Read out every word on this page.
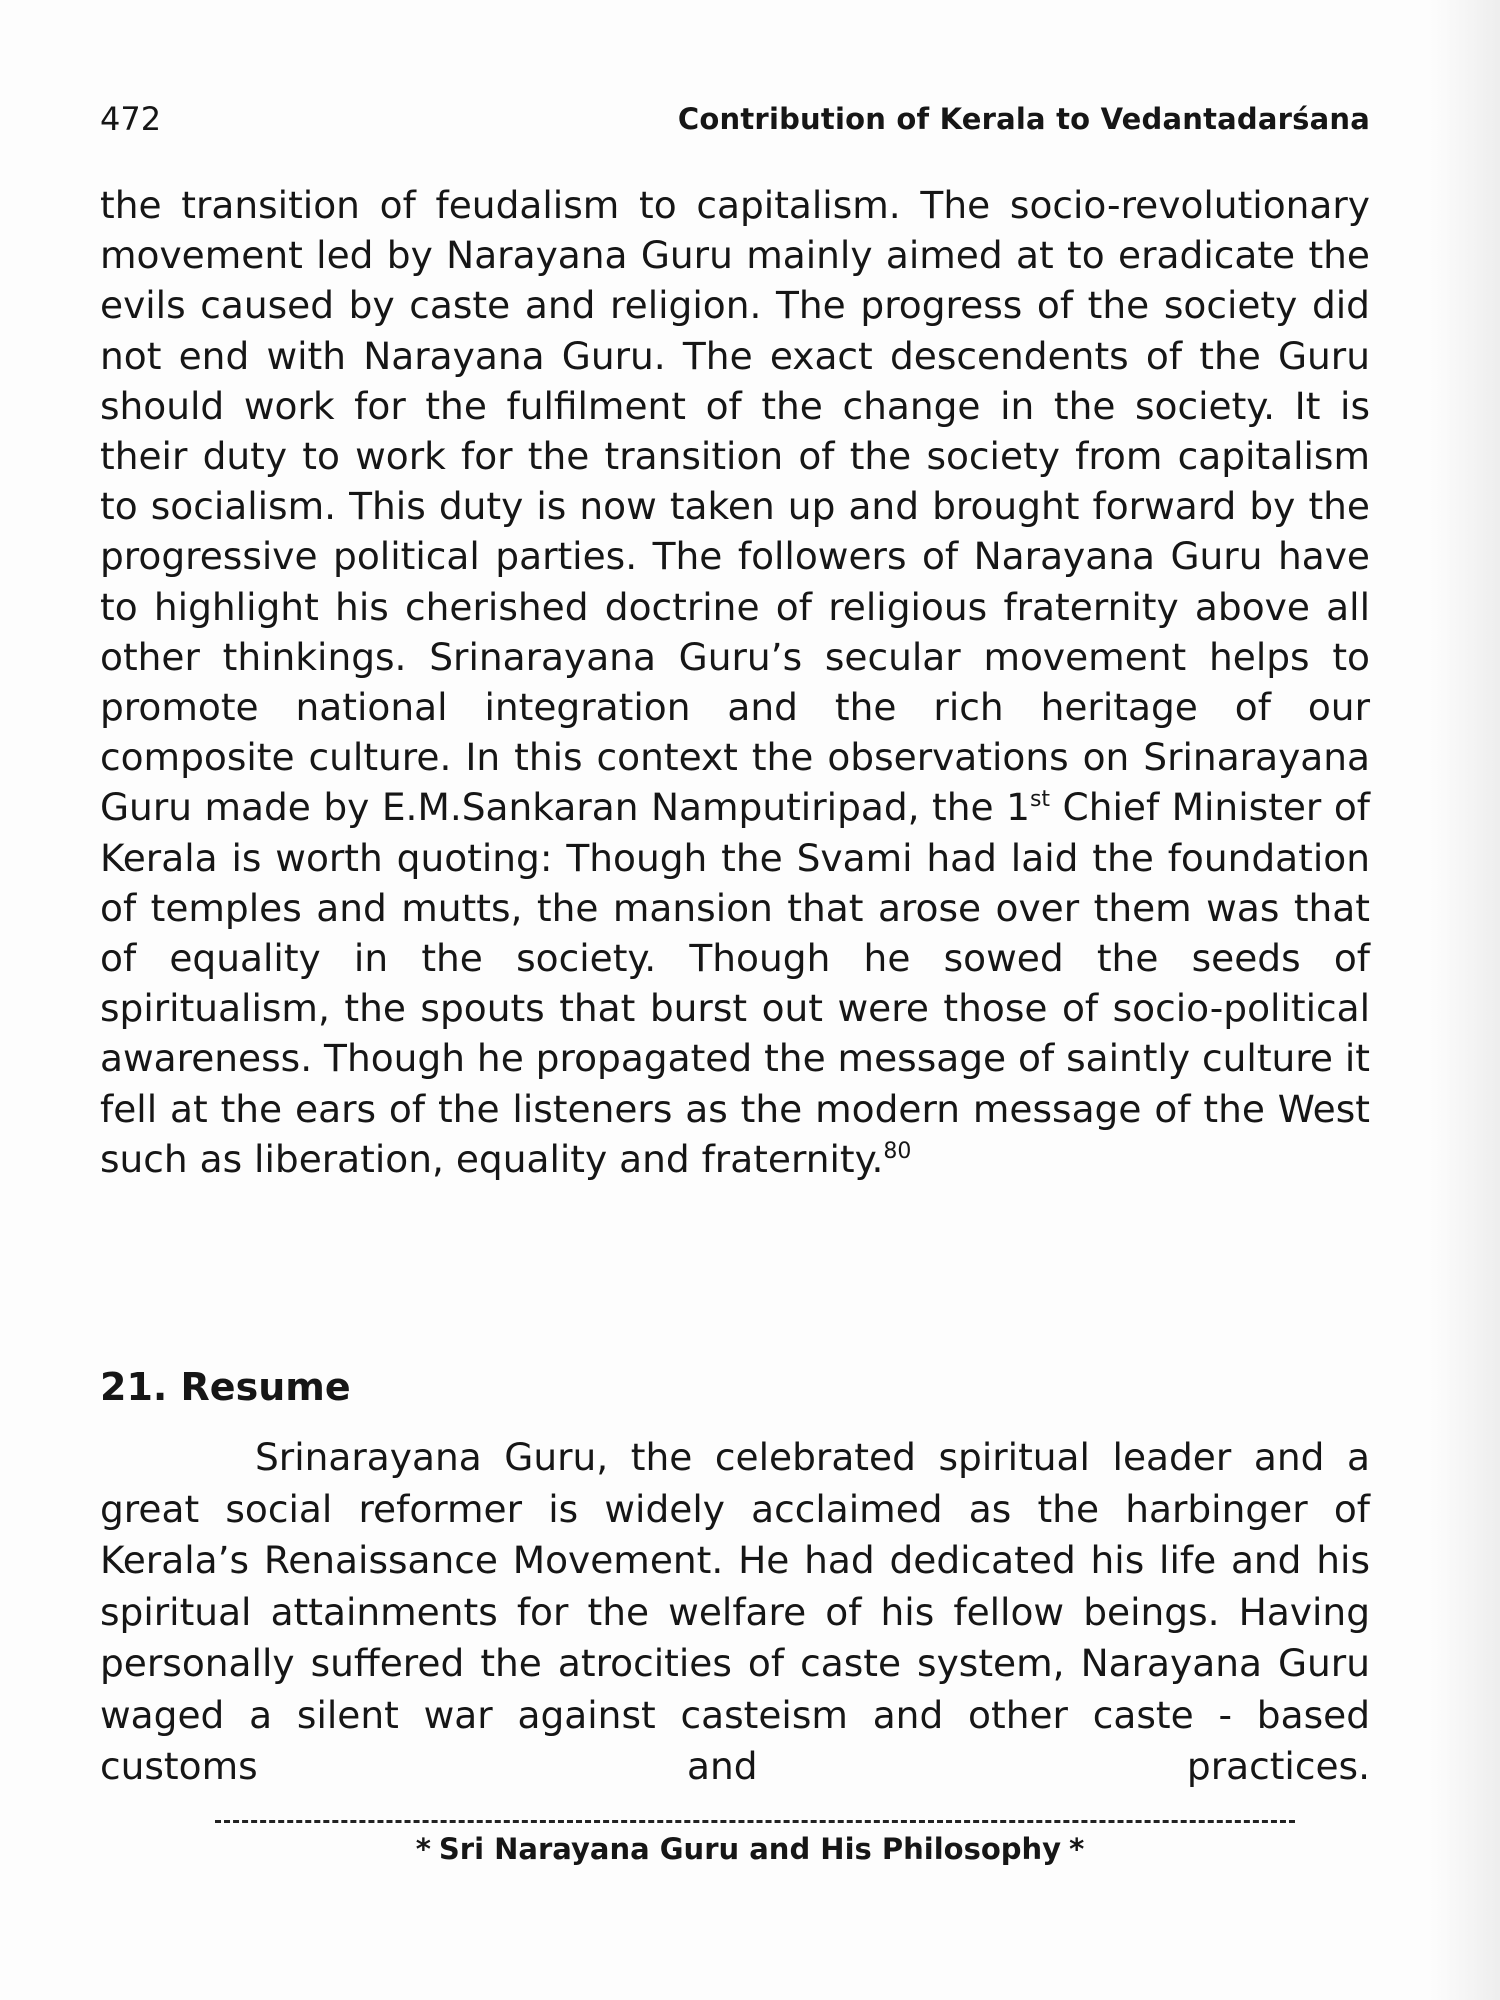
472	Contribution of Kerala to Vedantadarśana

the transition of feudalism to capitalism. The socio-revolutionary movement led by Narayana Guru mainly aimed at to eradicate the evils caused by caste and religion. The progress of the society did not end with Narayana Guru. The exact descendents of the Guru should work for the fulfilment of the change in the society. It is their duty to work for the transition of the society from capitalism to socialism. This duty is now taken up and brought forward by the progressive political parties. The followers of Narayana Guru have to highlight his cherished doctrine of religious fraternity above all other thinkings. Srinarayana Guru’s secular movement helps to promote national integration and the rich heritage of our composite culture. In this context the observations on Srinarayana Guru made by E.M.Sankaran Namputiripad, the 1st Chief Minister of Kerala is worth quoting: Though the Svami had laid the foundation of temples and mutts, the mansion that arose over them was that of equality in the society. Though he sowed the seeds of spiritualism, the spouts that burst out were those of socio-political awareness. Though he propagated the message of saintly culture it fell at the ears of the listeners as the modern message of the West such as liberation, equality and fraternity.$^{80}$

21. Resume

Srinarayana Guru, the celebrated spiritual leader and a great social reformer is widely acclaimed as the harbinger of Kerala’s Renaissance Movement. He had dedicated his life and his spiritual attainments for the welfare of his fellow beings. Having personally suffered the atrocities of caste system, Narayana Guru waged a silent war against casteism and other caste - based customs and practices.

* Sri Narayana Guru and His Philosophy *
